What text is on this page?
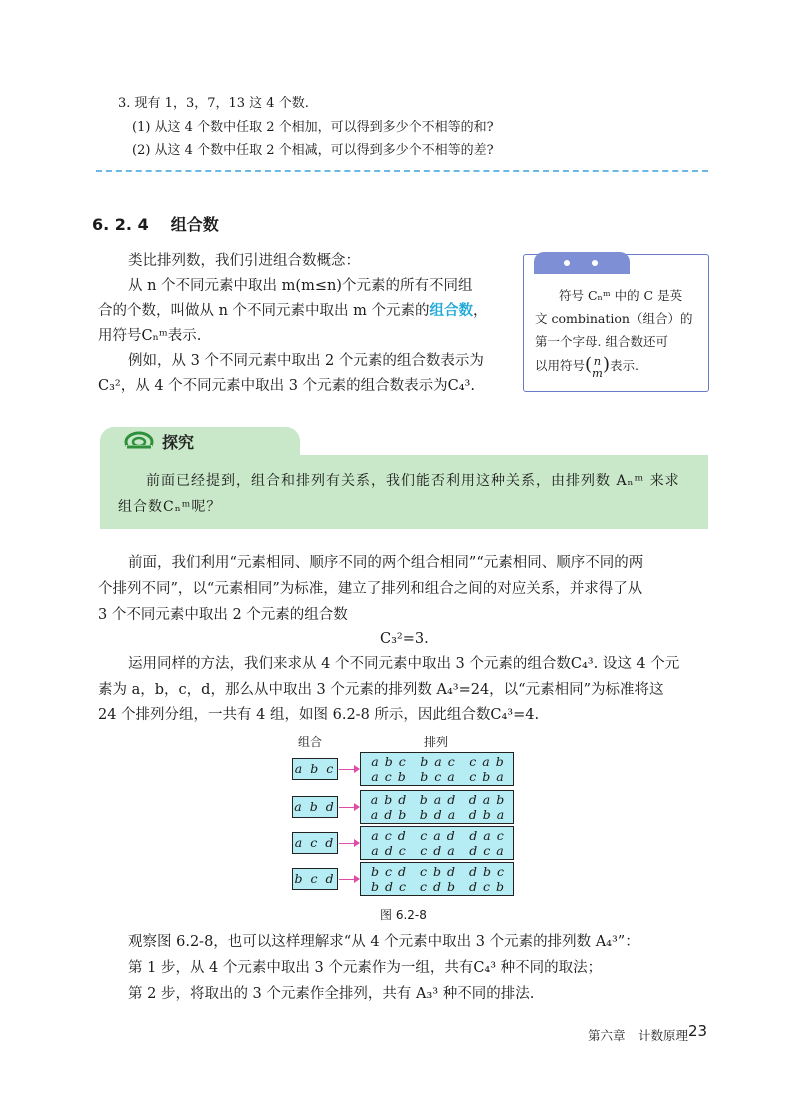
3. 现有 1，3，7，13 这 4 个数.

(1) 从这 4 个数中任取 2 个相加，可以得到多少个不相等的和?

(2) 从这 4 个数中任取 2 个相减，可以得到多少个不相等的差?

6. 2. 4 组合数

类比排列数，我们引进组合数概念：

从 n 个不同元素中取出 m(m≤n)个元素的所有不同组

合的个数，叫做从 n 个不同元素中取出 m 个元素的组合数，

用符号Cₙᵐ表示.

例如，从 3 个不同元素中取出 2 个元素的组合数表示为

C₃²，从 4 个不同元素中取出 3 个元素的组合数表示为C₄³.

符号 Cₙᵐ 中的 C 是英
文 combination（组合）的
第一个字母. 组合数还可
以用符号( n
m )表示.
探究
前面已经提到，组合和排列有关系，我们能否利用这种关系，由排列数 Aₙᵐ 来求
组合数Cₙᵐ呢？

前面，我们利用“元素相同、顺序不同的两个组合相同”“元素相同、顺序不同的两

个排列不同”，以“元素相同”为标准，建立了排列和组合之间的对应关系，并求得了从

3 个不同元素中取出 2 个元素的组合数

C₃²=3.

运用同样的方法，我们来求从 4 个不同元素中取出 3 个元素的组合数C₄³. 设这 4 个元

素为 a，b，c，d，那么从中取出 3 个元素的排列数 A₄³=24，以“元素相同”为标准将这

24 个排列分组，一共有 4 组，如图 6.2-8 所示，因此组合数C₄³=4.

组合	排列
a b c	a b c	b a c	c a b
a c b	b c a	c b a
a b d	a b d	b a d	d a b
a d b	b d a	d b a
a c d	a c d	c a d	d a c
a d c	c d a	d c a
b c d	b c d	c b d	d b c
b d c	c d b	d c b
图 6.2-8

观察图 6.2-8，也可以这样理解求“从 4 个元素中取出 3 个元素的排列数 A₄³”：

第 1 步，从 4 个元素中取出 3 个元素作为一组，共有C₄³ 种不同的取法；

第 2 步，将取出的 3 个元素作全排列，共有 A₃³ 种不同的排法.

第六章　计数原理 23
